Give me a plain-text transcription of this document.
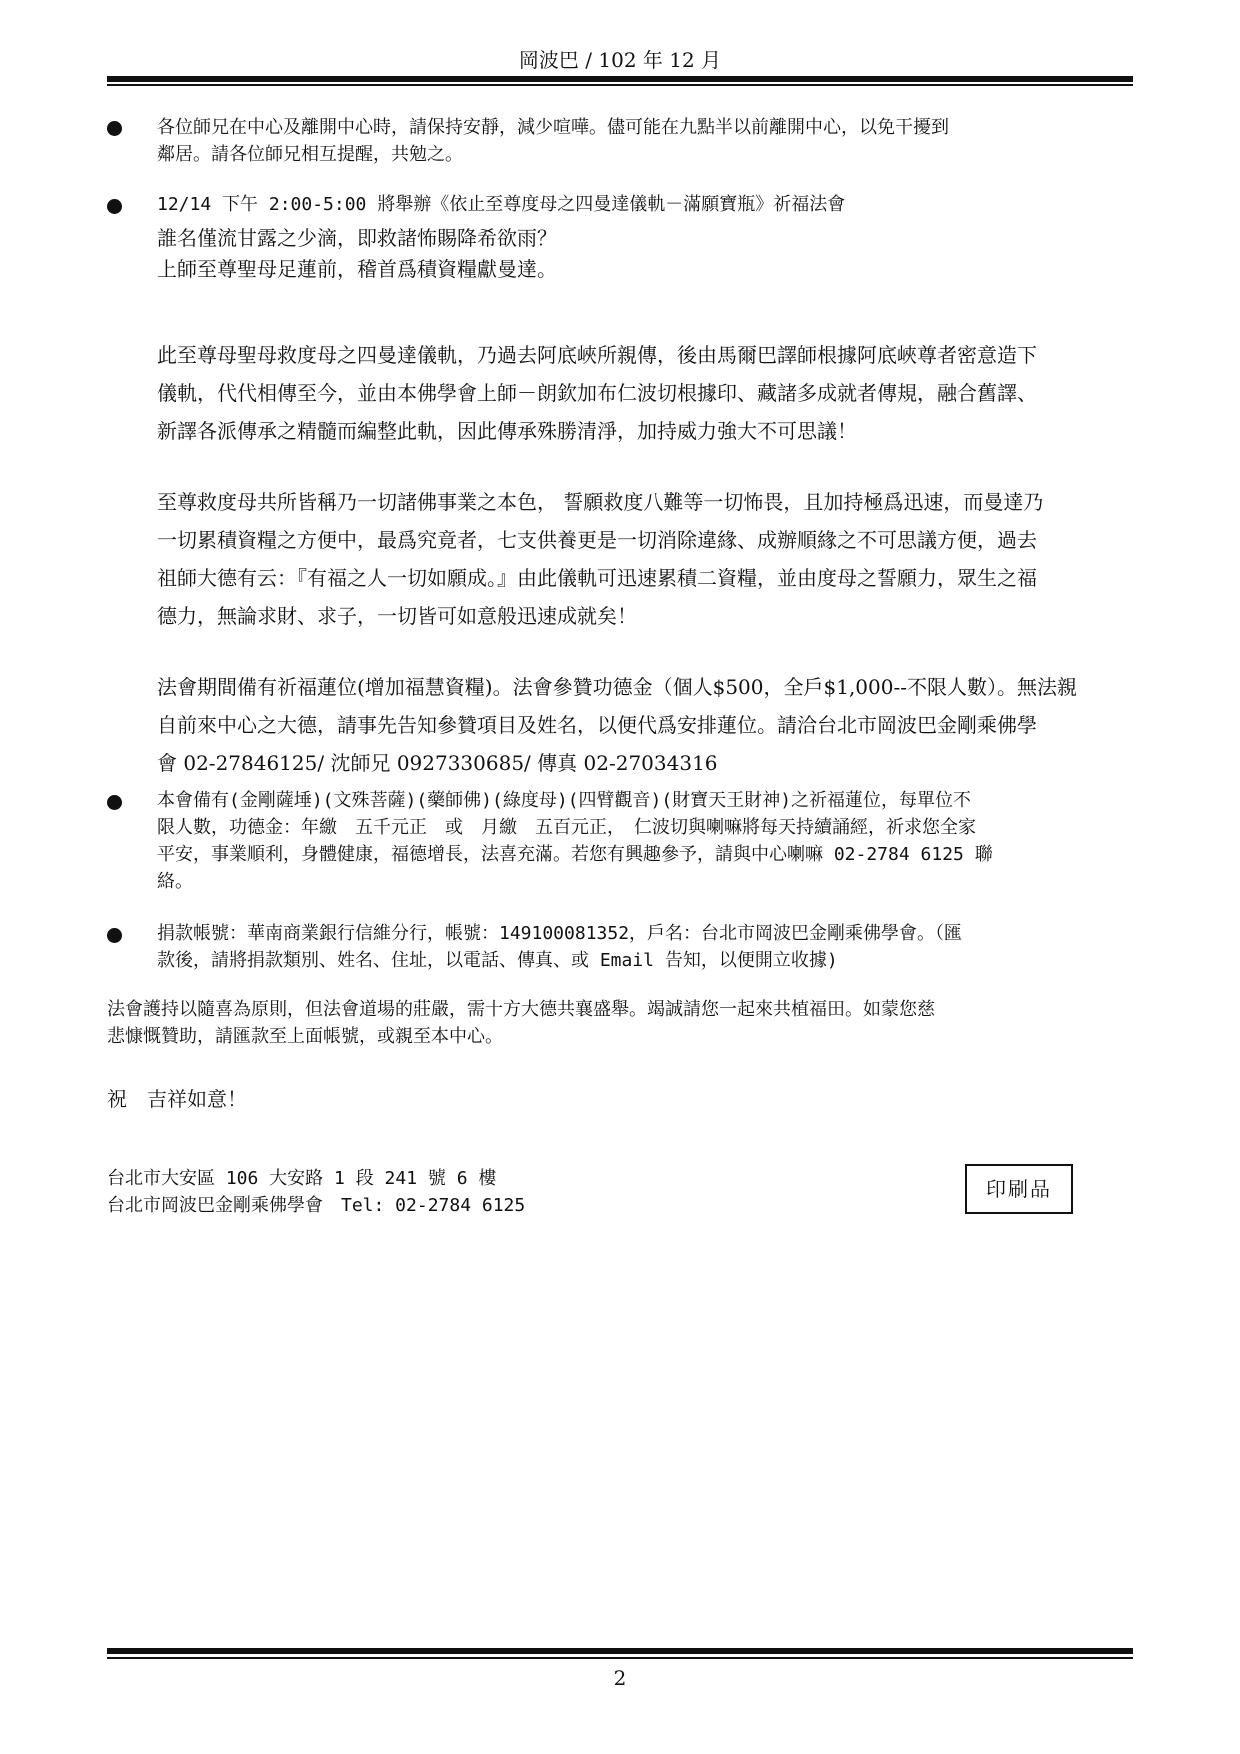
岡波巴 / 102 年 12 月
各位師兄在中心及離開中心時，請保持安靜，減少喧嘩。儘可能在九點半以前離開中心，以免干擾到
鄰居。請各位師兄相互提醒，共勉之。
12/14 下午 2:00-5:00 將舉辦《依止至尊度母之四曼達儀軌－滿願寶瓶》祈福法會
誰名僅流甘露之少滴，即救諸怖賜降希欲雨？
上師至尊聖母足蓮前，稽首爲積資糧獻曼達。
此至尊母聖母救度母之四曼達儀軌，乃過去阿底峽所親傳，後由馬爾巴譯師根據阿底峽尊者密意造下
儀軌，代代相傳至今，並由本佛學會上師－朗欽加布仁波切根據印、藏諸多成就者傳規，融合舊譯、
新譯各派傳承之精髓而編整此軌，因此傳承殊勝清淨，加持威力強大不可思議！
至尊救度母共所皆稱乃一切諸佛事業之本色， 誓願救度八難等一切怖畏，且加持極爲迅速，而曼達乃
一切累積資糧之方便中，最爲究竟者，七支供養更是一切消除違緣、成辦順緣之不可思議方便，過去
祖師大德有云：『有福之人一切如願成。』由此儀軌可迅速累積二資糧，並由度母之誓願力，眾生之福
德力，無論求財、求子，一切皆可如意般迅速成就矣！
法會期間備有祈福蓮位(增加福慧資糧)。法會參贊功德金（個人$500，全戶$1,000--不限人數）。無法親
自前來中心之大德，請事先告知參贊項目及姓名，以便代爲安排蓮位。請洽台北市岡波巴金剛乘佛學
會 02-27846125/ 沈師兄 0927330685/ 傳真 02-27034316
本會備有(金剛薩埵)(文殊菩薩)(藥師佛)(綠度母)(四臂觀音)(財寶天王財神)之祈福蓮位，每單位不
限人數，功德金：年繳　五千元正　或　月繳　五百元正，　仁波切與喇嘛將每天持續誦經，祈求您全家
平安，事業順利，身體健康，福德增長，法喜充滿。若您有興趣參予，請與中心喇嘛 02-2784 6125 聯
絡。
捐款帳號：華南商業銀行信維分行，帳號：149100081352，戶名：台北市岡波巴金剛乘佛學會。（匯
款後，請將捐款類別、姓名、住址，以電話、傳真、或 Email 告知，以便開立收據)
法會護持以隨喜為原則，但法會道場的莊嚴，需十方大德共襄盛舉。竭誠請您一起來共植福田。如蒙您慈
悲慷慨贊助，請匯款至上面帳號，或親至本中心。
祝　吉祥如意！
台北市大安區 106 大安路 1 段 241 號 6 樓
台北市岡波巴金剛乘佛學會　Tel: 02-2784 6125
印刷品
2
